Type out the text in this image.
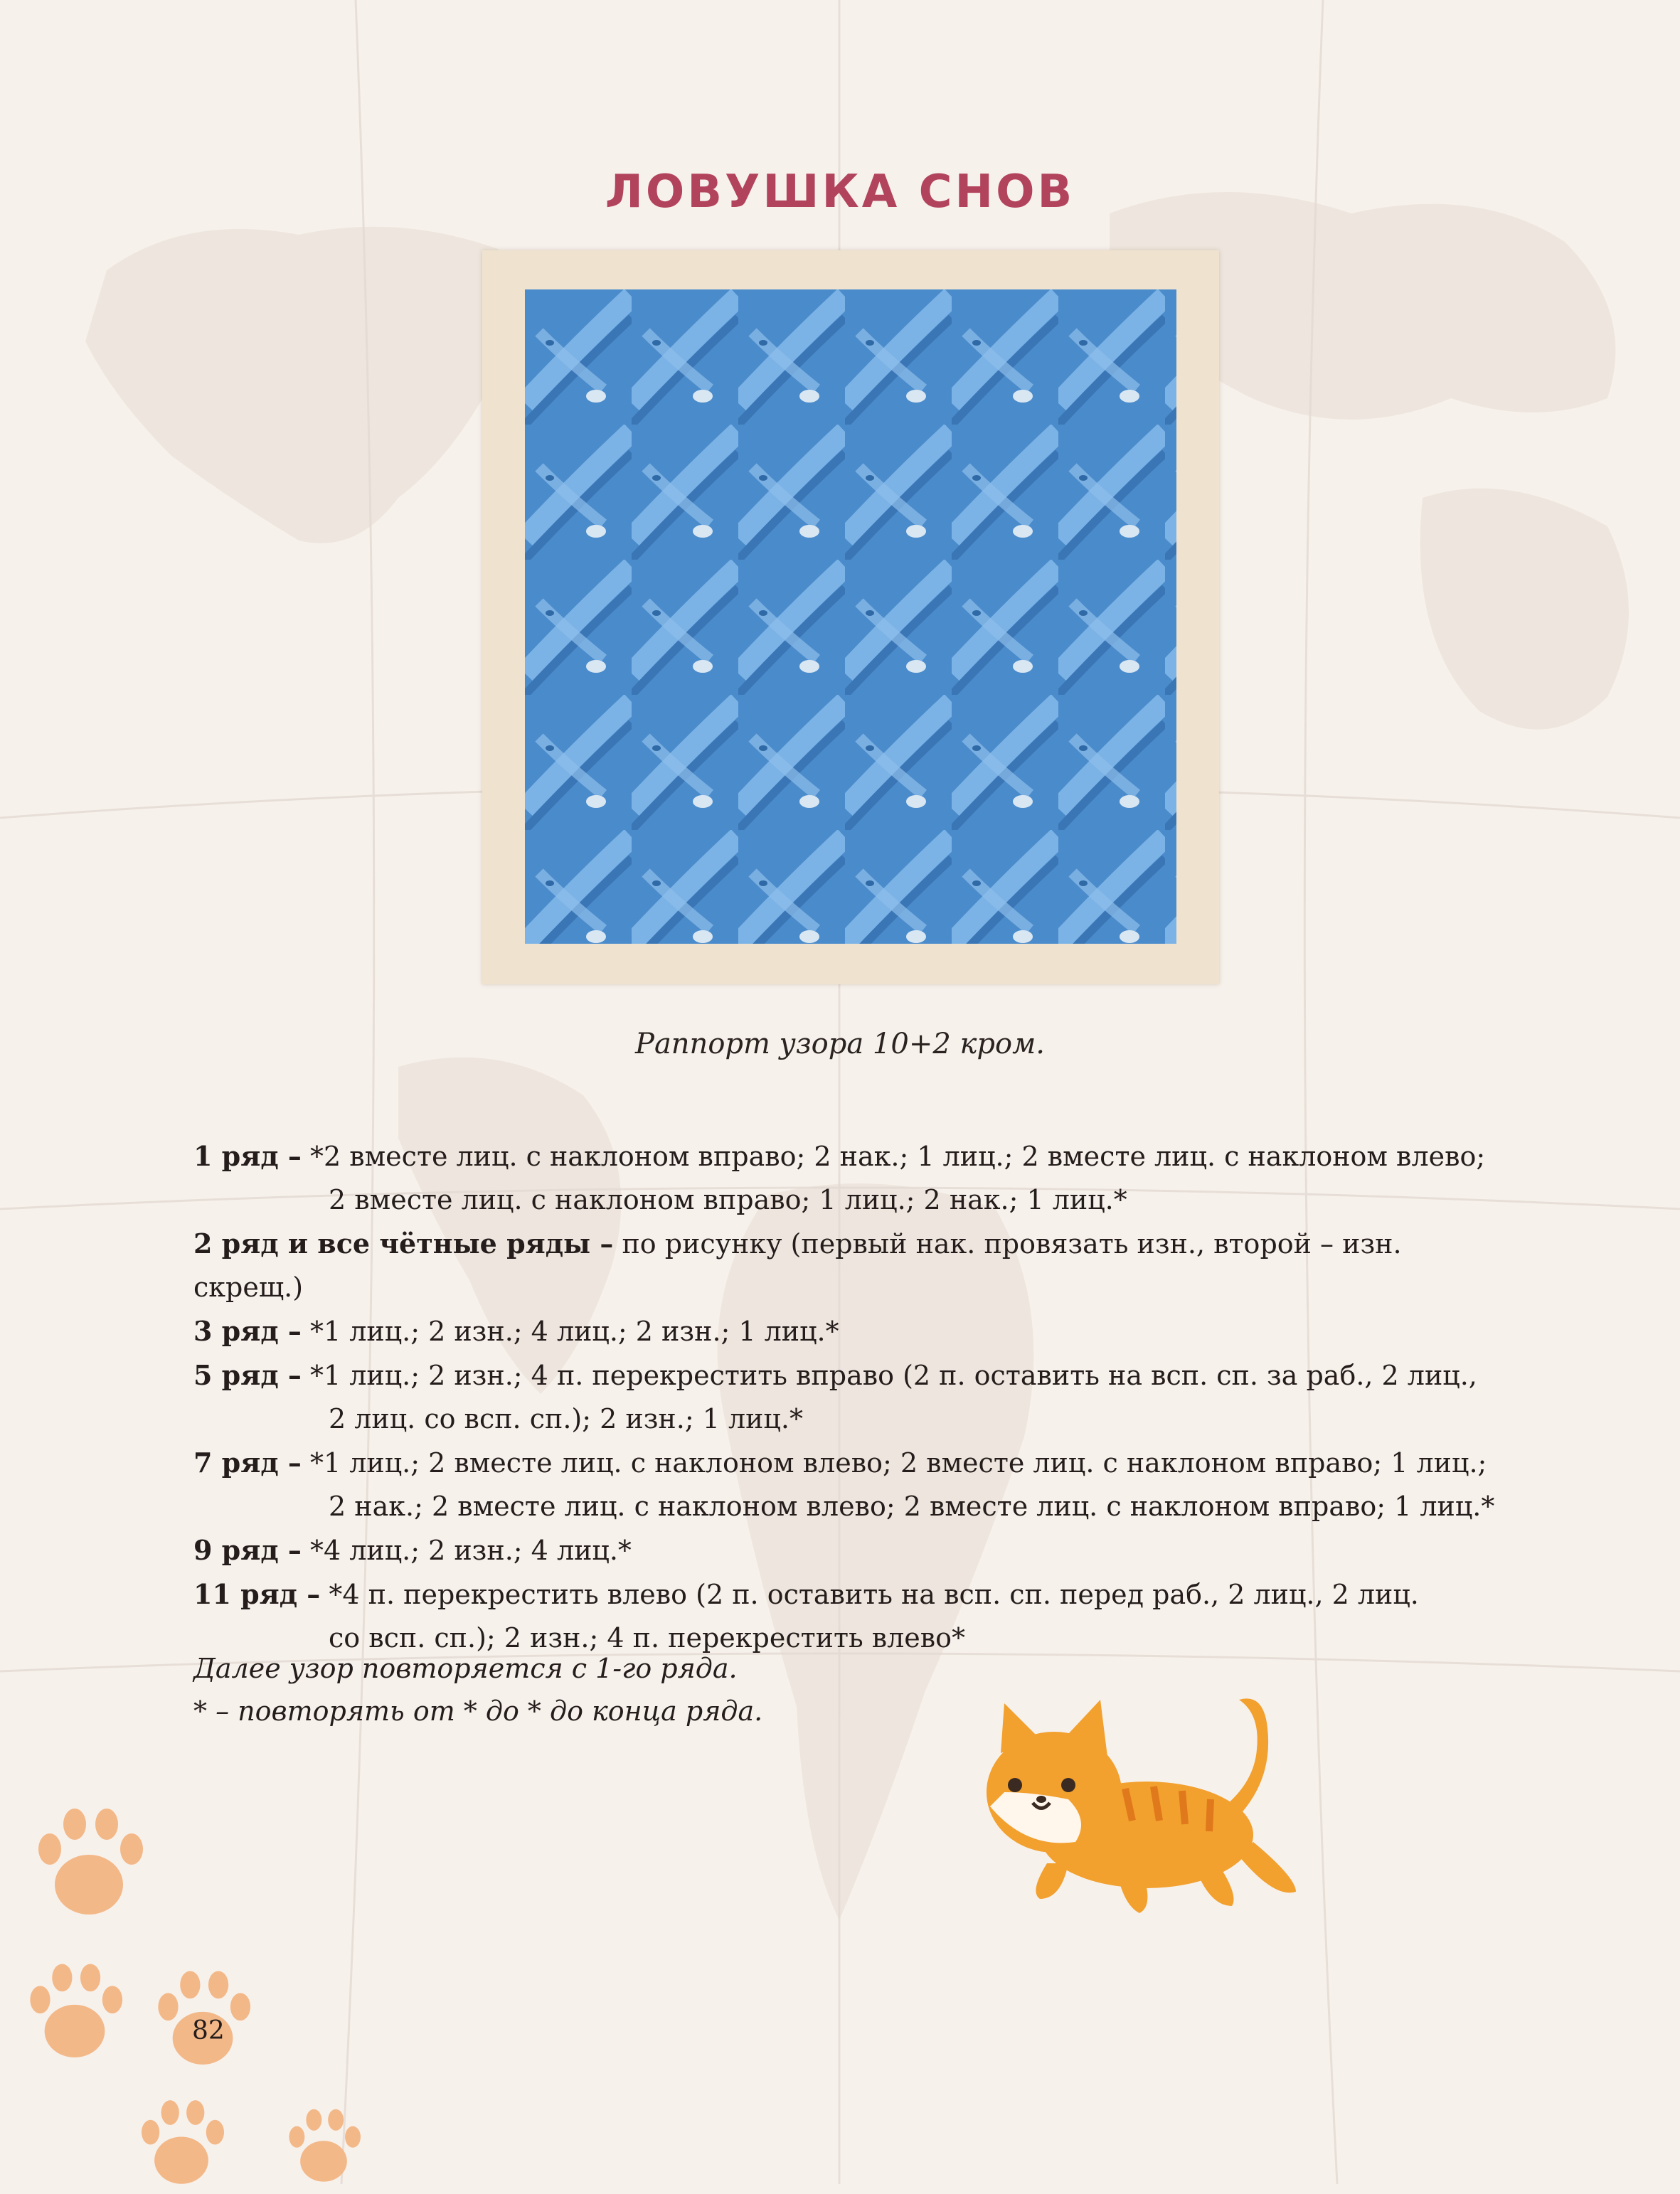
ЛОВУШКА СНОВ
Раппорт узора 10+2 кром.
1 ряд – *2 вместе лиц. с наклоном вправо; 2 нак.; 1 лиц.; 2 вместе лиц. с наклоном влево;
2 вместе лиц. с наклоном вправо; 1 лиц.; 2 нак.; 1 лиц.*
2 ряд и все чётные ряды – по рисунку (первый нак. провязать изн., второй – изн. скрещ.)
3 ряд – *1 лиц.; 2 изн.; 4 лиц.; 2 изн.; 1 лиц.*
5 ряд – *1 лиц.; 2 изн.; 4 п. перекрестить вправо (2 п. оставить на всп. сп. за раб., 2 лиц.,
2 лиц. со всп. сп.); 2 изн.; 1 лиц.*
7 ряд – *1 лиц.; 2 вместе лиц. с наклоном влево; 2 вместе лиц. с наклоном вправо; 1 лиц.;
2 нак.; 2 вместе лиц. с наклоном влево; 2 вместе лиц. с наклоном вправо; 1 лиц.*
9 ряд – *4 лиц.; 2 изн.; 4 лиц.*
11 ряд – *4 п. перекрестить влево (2 п. оставить на всп. сп. перед раб., 2 лиц., 2 лиц.
со всп. сп.); 2 изн.; 4 п. перекрестить влево*
Далее узор повторяется с 1-го ряда.
* – повторять от * до * до конца ряда.
82
